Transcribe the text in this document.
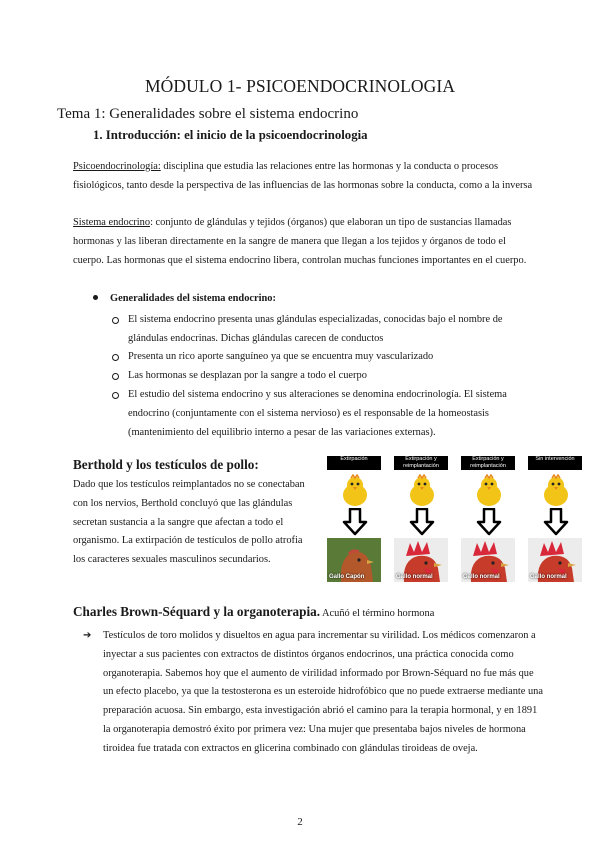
MÓDULO 1- PSICOENDOCRINOLOGIA
Tema 1: Generalidades sobre el sistema endocrino
1. Introducción: el inicio de la psicoendocrinologia
Psicoendocrinología: disciplina que estudia las relaciones entre las hormonas y la conducta o procesos fisiológicos, tanto desde la perspectiva de las influencias de las hormonas sobre la conducta, como a la inversa
Sistema endocrino: conjunto de glándulas y tejidos (órganos) que elaboran un tipo de sustancias llamadas hormonas y las liberan directamente en la sangre de manera que llegan a los tejidos y órganos de todo el cuerpo. Las hormonas que el sistema endocrino libera, controlan muchas funciones importantes en el cuerpo.
Generalidades del sistema endocrino:
El sistema endocrino presenta unas glándulas especializadas, conocidas bajo el nombre de glándulas endocrinas. Dichas glándulas carecen de conductos
Presenta un rico aporte sanguíneo ya que se encuentra muy vascularizado
Las hormonas se desplazan por la sangre a todo el cuerpo
El estudio del sistema endocrino y sus alteraciones se denomina endocrinología. El sistema endocrino (conjuntamente con el sistema nervioso) es el responsable de la homeostasis (mantenimiento del equilibrio interno a pesar de las variaciones externas).
Berthold y los testículos de pollo:
Dado que los testículos reimplantados no se conectaban con los nervios, Berthold concluyó que las glándulas secretan sustancia a la sangre que afectan a todo el organismo. La extirpación de testículos de pollo atrofia los caracteres sexuales masculinos secundarios.
Extirpación	Extirpación y reimplantación
Extirpación y reimplantación
Sin intervención
Gallo Capón	Gallo normal	Gallo normal	Gallo normal
Charles Brown-Séquard y la organoterapia. Acuñó el término hormona
➔ Testículos de toro molidos y disueltos en agua para incrementar su virilidad. Los médicos comenzaron a inyectar a sus pacientes con extractos de distintos órganos endocrinos, una práctica conocida como organoterapia. Sabemos hoy que el aumento de virilidad informado por Brown-Séquard no fue más que un efecto placebo, ya que la testosterona es un esteroide hidrofóbico que no puede extraerse mediante una preparación acuosa. Sin embargo, esta investigación abrió el camino para la terapia hormonal, y en 1891 la organoterapia demostró éxito por primera vez: Una mujer que presentaba bajos niveles de hormona tiroidea fue tratada con extractos en glicerina combinado con glándulas tiroideas de oveja.
2
